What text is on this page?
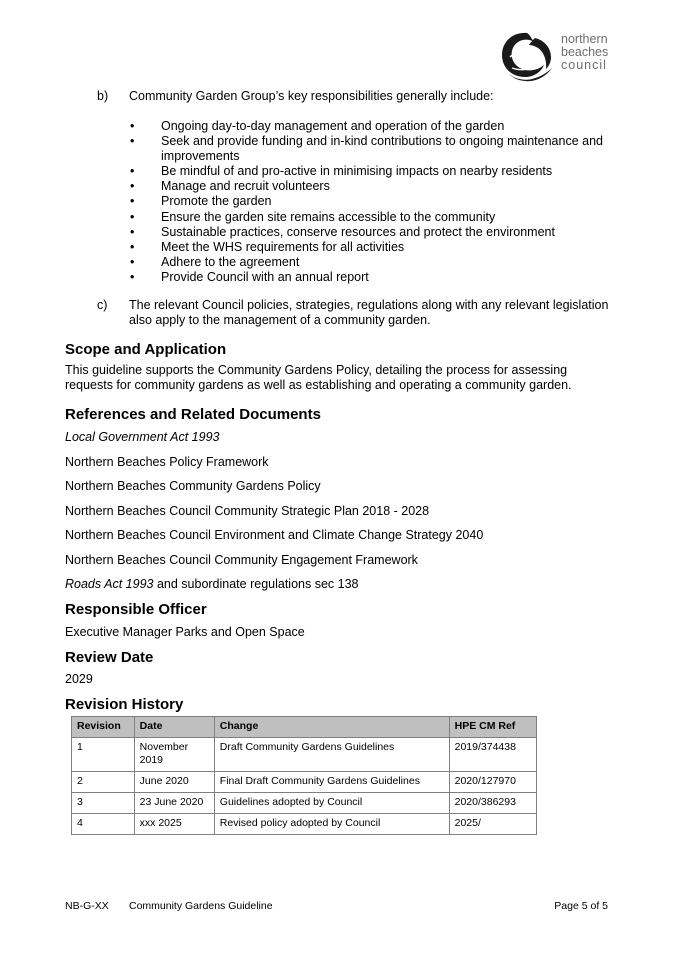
northern
beaches
council
b) Community Garden Group’s key responsibilities generally include:
• Ongoing day-to-day management and operation of the garden
• Seek and provide funding and in-kind contributions to ongoing maintenance and improvements
• Be mindful of and pro-active in minimising impacts on nearby residents
• Manage and recruit volunteers
• Promote the garden
• Ensure the garden site remains accessible to the community
• Sustainable practices, conserve resources and protect the environment
• Meet the WHS requirements for all activities
• Adhere to the agreement
• Provide Council with an annual report
c) The relevant Council policies, strategies, regulations along with any relevant legislation also apply to the management of a community garden.
Scope and Application

This guideline supports the Community Gardens Policy, detailing the process for assessing requests for community gardens as well as establishing and operating a community garden.

References and Related Documents

Local Government Act 1993

Northern Beaches Policy Framework

Northern Beaches Community Gardens Policy

Northern Beaches Council Community Strategic Plan 2018 - 2028

Northern Beaches Council Environment and Climate Change Strategy 2040

Northern Beaches Council Community Engagement Framework

Roads Act 1993 and subordinate regulations sec 138

Responsible Officer

Executive Manager Parks and Open Space

Review Date

2029

Revision History
Revision	Date	Change	HPE CM Ref
1	November 2019	Draft Community Gardens Guidelines	2019/374438
2	June 2020	Final Draft Community Gardens Guidelines	2020/127970
3	23 June 2020	Guidelines adopted by Council	2020/386293
4	xxx 2025	Revised policy adopted by Council	2025/
NB-G-XX Community Gardens Guideline	Page 5 of 5
